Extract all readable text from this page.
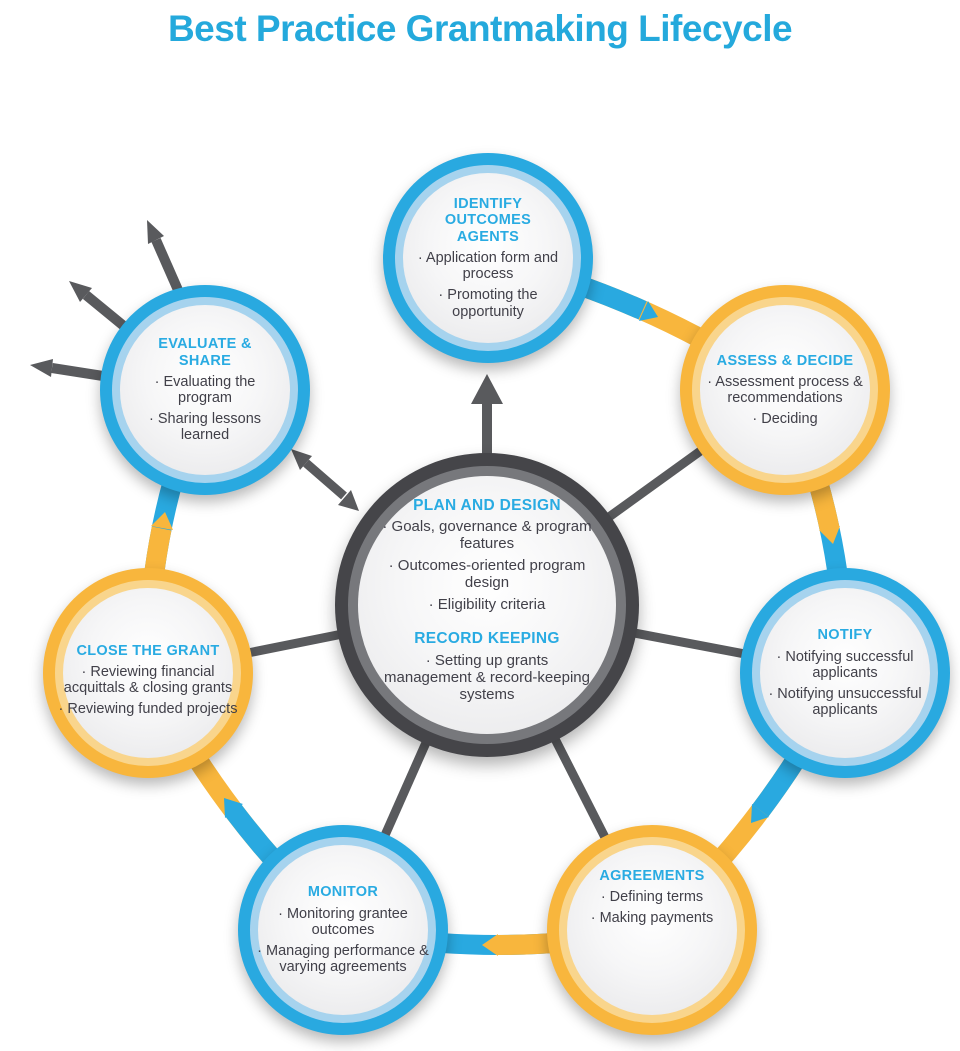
Best Practice Grantmaking Lifecycle
PLAN AND DESIGN
· Goals, governance & program features
· Outcomes-oriented program design
· Eligibility criteria
RECORD KEEPING
· Setting up grants management & record-keeping systems
IDENTIFY OUTCOMES AGENTS
· Application form and process
· Promoting the opportunity
ASSESS & DECIDE
· Assessment process & recommendations
· Deciding
NOTIFY
· Notifying successful applicants
· Notifying unsuccessful applicants
AGREEMENTS
· Defining terms
· Making payments
MONITOR
· Monitoring grantee outcomes
· Managing performance & varying agreements
CLOSE THE GRANT
· Reviewing financial acquittals & closing grants
· Reviewing funded projects
EVALUATE & SHARE
· Evaluating the program
· Sharing lessons learned
